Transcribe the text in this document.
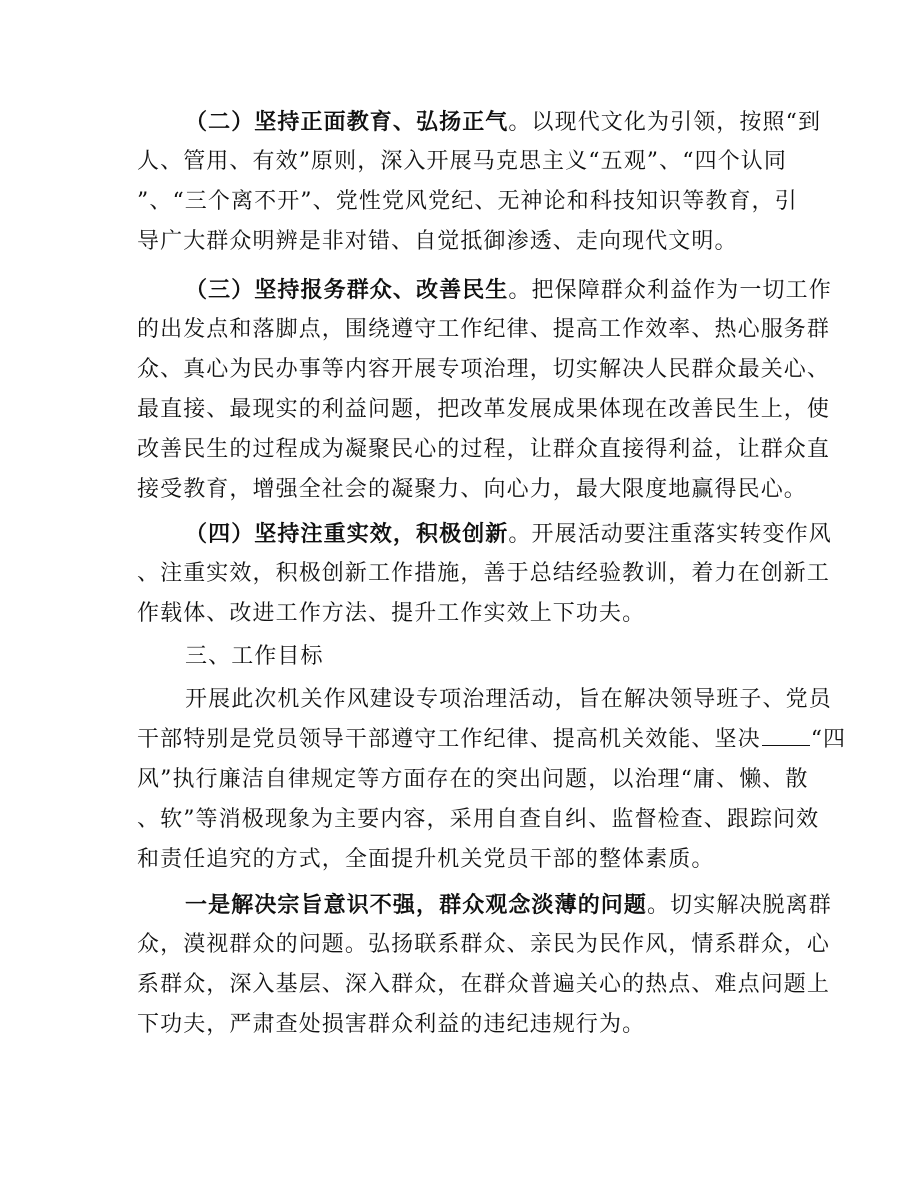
（二）坚持正面教育、弘扬正气。以现代文化为引领，按照“到
人、管用、有效”原则，深入开展马克思主义“五观”、“四个认同
”、“三个离不开”、党性党风党纪、无神论和科技知识等教育，引
导广大群众明辨是非对错、自觉抵御渗透、走向现代文明。
（三）坚持报务群众、改善民生。把保障群众利益作为一切工作
的出发点和落脚点，围绕遵守工作纪律、提高工作效率、热心服务群
众、真心为民办事等内容开展专项治理，切实解决人民群众最关心、
最直接、最现实的利益问题，把改革发展成果体现在改善民生上，使
改善民生的过程成为凝聚民心的过程，让群众直接得利益，让群众直
接受教育，增强全社会的凝聚力、向心力，最大限度地赢得民心。
（四）坚持注重实效，积极创新。开展活动要注重落实转变作风
、注重实效，积极创新工作措施，善于总结经验教训，着力在创新工
作载体、改进工作方法、提升工作实效上下功夫。
三、工作目标
开展此次机关作风建设专项治理活动，旨在解决领导班子、党员
干部特别是党员领导干部遵守工作纪律、提高机关效能、坚决 “四
风”执行廉洁自律规定等方面存在的突出问题，以治理“庸、懒、散
、软”等消极现象为主要内容，采用自查自纠、监督检查、跟踪问效
和责任追究的方式，全面提升机关党员干部的整体素质。
一是解决宗旨意识不强，群众观念淡薄的问题。切实解决脱离群
众，漠视群众的问题。弘扬联系群众、亲民为民作风，情系群众，心
系群众，深入基层、深入群众，在群众普遍关心的热点、难点问题上
下功夫，严肃查处损害群众利益的违纪违规行为。
